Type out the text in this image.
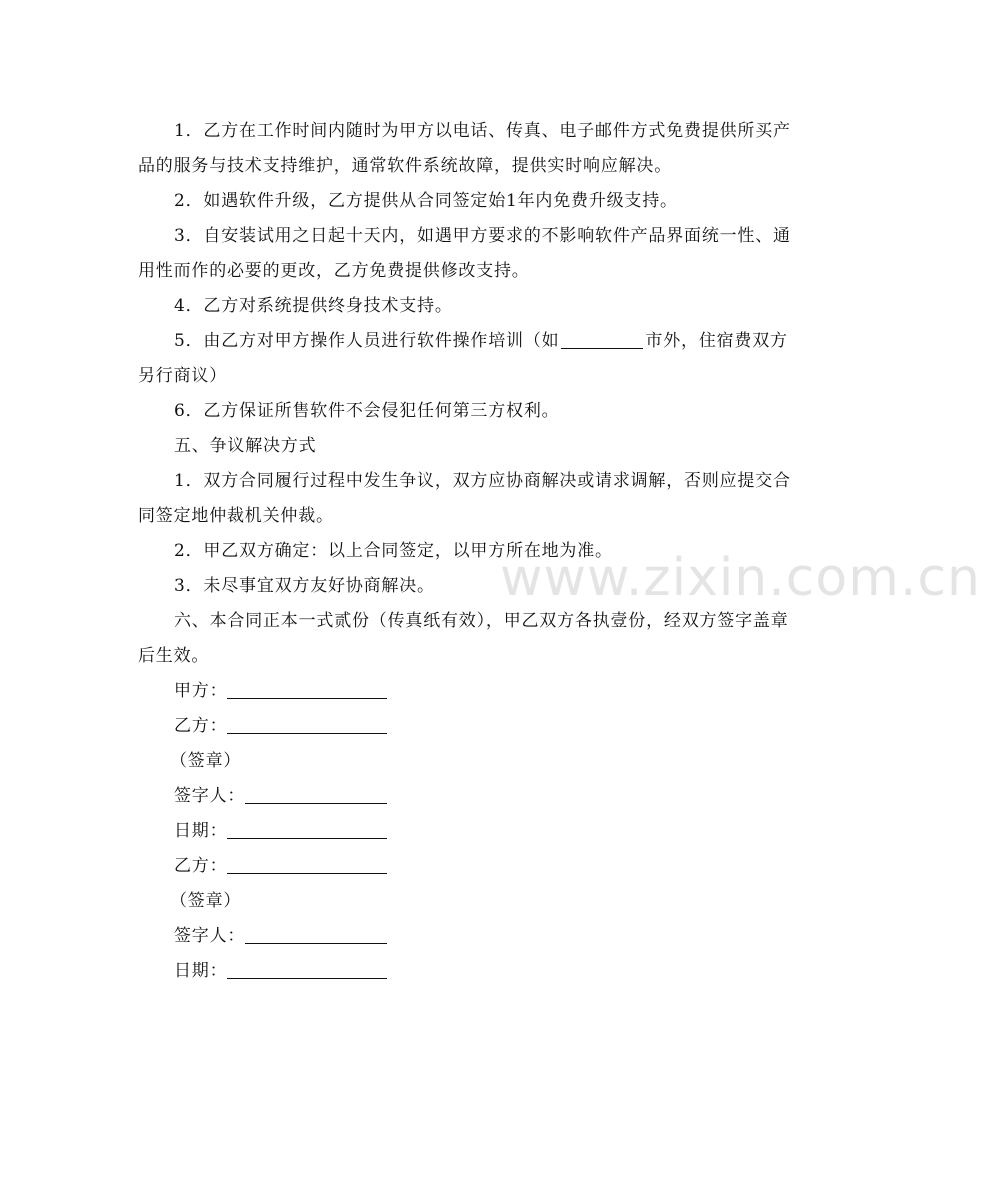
1．乙方在工作时间内随时为甲方以电话、传真、电子邮件方式免费提供所买产品的服务与技术支持维护，通常软件系统故障，提供实时响应解决。

2．如遇软件升级，乙方提供从合同签定始1年内免费升级支持。

3．自安装试用之日起十天内，如遇甲方要求的不影响软件产品界面统一性、通用性而作的必要的更改，乙方免费提供修改支持。

4．乙方对系统提供终身技术支持。

5．由乙方对甲方操作人员进行软件操作培训（如	市外，住宿费双方另行商议）

6．乙方保证所售软件不会侵犯任何第三方权利。

五、争议解决方式

1．双方合同履行过程中发生争议，双方应协商解决或请求调解，否则应提交合同签定地仲裁机关仲裁。

2．甲乙双方确定：以上合同签定，以甲方所在地为准。

3．未尽事宜双方友好协商解决。

六、本合同正本一式贰份（传真纸有效），甲乙双方各执壹份，经双方签字盖章后生效。

甲方：

乙方：

（签章）

签字人：

日期：

乙方：

（签章）

签字人：

日期：

www.zixin.com.cn
